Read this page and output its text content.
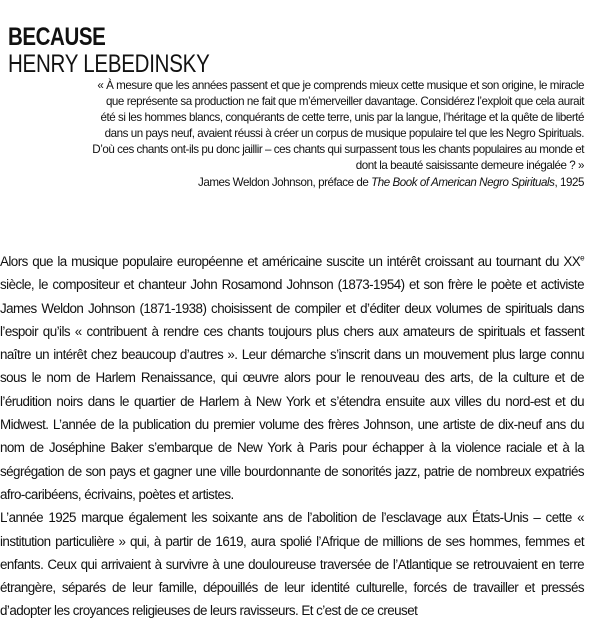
BECAUSE
HENRY LEBEDINSKY

« À mesure que les années passent et que je comprends mieux cette musique et son origine, le miracle que représente sa production ne fait que m’émerveiller davantage. Considérez l’exploit que cela aurait été si les hommes blancs, conquérants de cette terre, unis par la langue, l’héritage et la quête de liberté dans un pays neuf, avaient réussi à créer un corpus de musique populaire tel que les Negro Spirituals. D’où ces chants ont-ils pu donc jaillir – ces chants qui surpassent tous les chants populaires au monde et dont la beauté saisissante demeure inégalée ? »

James Weldon Johnson, préface de The Book of American Negro Spirituals, 1925

Alors que la musique populaire européenne et américaine suscite un intérêt croissant au tournant du XXe siècle, le compositeur et chanteur John Rosamond Johnson (1873-1954) et son frère le poète et activiste James Weldon Johnson (1871-1938) choisissent de compiler et d’éditer deux volumes de spirituals dans l’espoir qu’ils « contribuent à rendre ces chants toujours plus chers aux amateurs de spirituals et fassent naître un intérêt chez beaucoup d’autres ». Leur démarche s’inscrit dans un mouvement plus large connu sous le nom de Harlem Renaissance, qui œuvre alors pour le renouveau des arts, de la culture et de l’érudition noirs dans le quartier de Harlem à New York et s’étendra ensuite aux villes du nord-est et du Midwest. L’année de la publication du premier volume des frères Johnson, une artiste de dix-neuf ans du nom de Joséphine Baker s’embarque de New York à Paris pour échapper à la violence raciale et à la ségrégation de son pays et gagner une ville bourdonnante de sonorités jazz, patrie de nombreux expatriés afro-caribéens, écrivains, poètes et artistes.

L’année 1925 marque également les soixante ans de l’abolition de l’esclavage aux États-Unis – cette « institution particulière » qui, à partir de 1619, aura spolié l’Afrique de millions de ses hommes, femmes et enfants. Ceux qui arrivaient à survivre à une douloureuse traversée de l’Atlantique se retrouvaient en terre étrangère, séparés de leur famille, dépouillés de leur identité culturelle, forcés de travailler et pressés d’adopter les croyances religieuses de leurs ravisseurs. Et c’est de ce creuset
